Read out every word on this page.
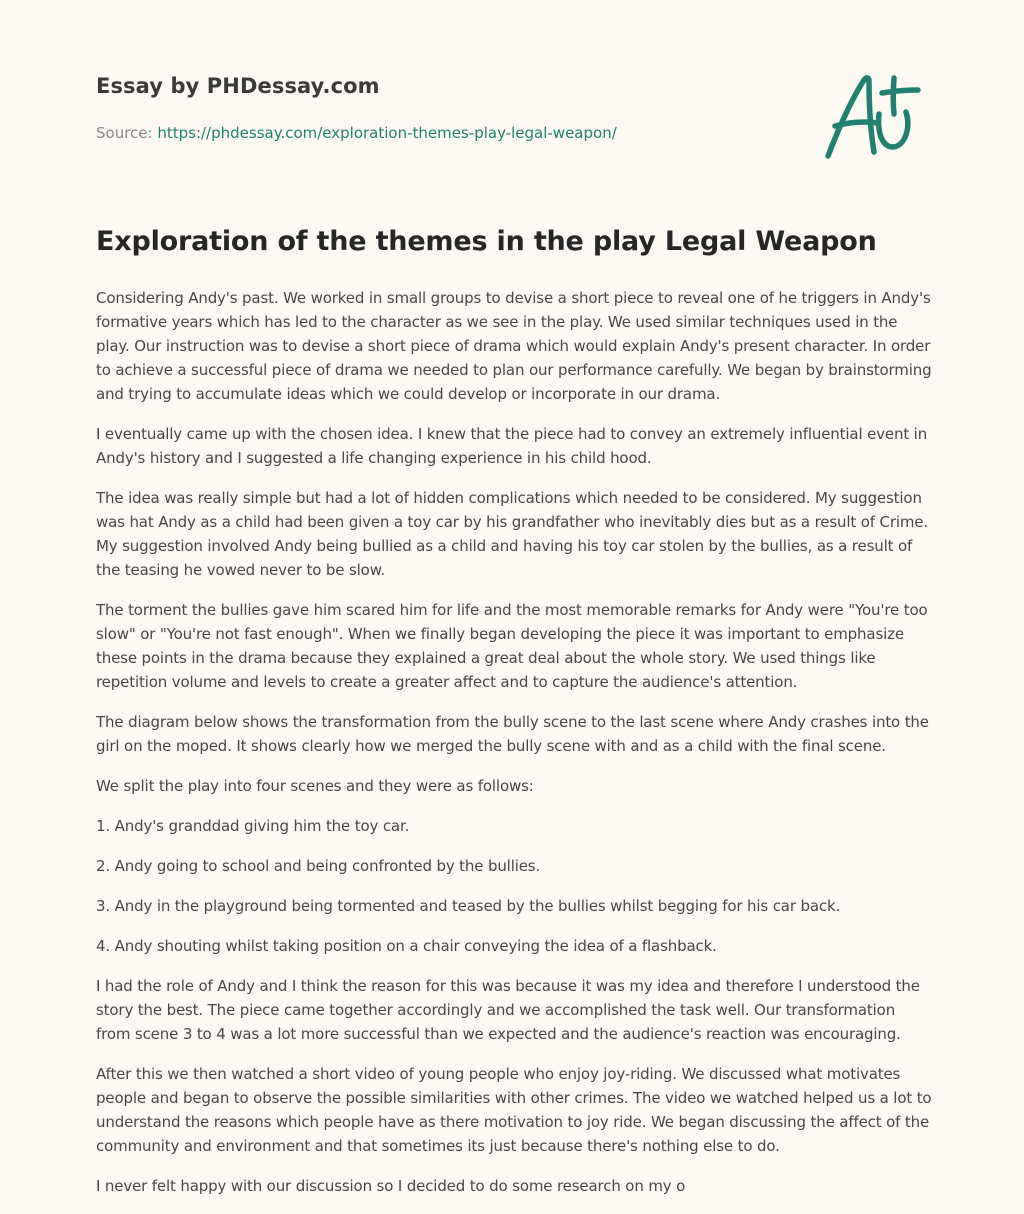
Essay by PHDessay.com

Source: https://phdessay.com/exploration-themes-play-legal-weapon/

Exploration of the themes in the play Legal Weapon

Considering Andy's past. We worked in small groups to devise a short piece to reveal one of he triggers in Andy's formative years which has led to the character as we see in the play. We used similar techniques used in the play. Our instruction was to devise a short piece of drama which would explain Andy's present character. In order to achieve a successful piece of drama we needed to plan our performance carefully. We began by brainstorming and trying to accumulate ideas which we could develop or incorporate in our drama.

I eventually came up with the chosen idea. I knew that the piece had to convey an extremely influential event in Andy's history and I suggested a life changing experience in his child hood.

The idea was really simple but had a lot of hidden complications which needed to be considered. My suggestion was hat Andy as a child had been given a toy car by his grandfather who inevitably dies but as a result of Crime. My suggestion involved Andy being bullied as a child and having his toy car stolen by the bullies, as a result of the teasing he vowed never to be slow.

The torment the bullies gave him scared him for life and the most memorable remarks for Andy were "You're too slow" or "You're not fast enough". When we finally began developing the piece it was important to emphasize these points in the drama because they explained a great deal about the whole story. We used things like repetition volume and levels to create a greater affect and to capture the audience's attention.

The diagram below shows the transformation from the bully scene to the last scene where Andy crashes into the girl on the moped. It shows clearly how we merged the bully scene with and as a child with the final scene.

We split the play into four scenes and they were as follows:

1. Andy's granddad giving him the toy car.

2. Andy going to school and being confronted by the bullies.

3. Andy in the playground being tormented and teased by the bullies whilst begging for his car back.

4. Andy shouting whilst taking position on a chair conveying the idea of a flashback.

I had the role of Andy and I think the reason for this was because it was my idea and therefore I understood the story the best. The piece came together accordingly and we accomplished the task well. Our transformation from scene 3 to 4 was a lot more successful than we expected and the audience's reaction was encouraging.

After this we then watched a short video of young people who enjoy joy-riding. We discussed what motivates people and began to observe the possible similarities with other crimes. The video we watched helped us a lot to understand the reasons which people have as there motivation to joy ride. We began discussing the affect of the community and environment and that sometimes its just because there's nothing else to do.

I never felt happy with our discussion so I decided to do some research on my o
